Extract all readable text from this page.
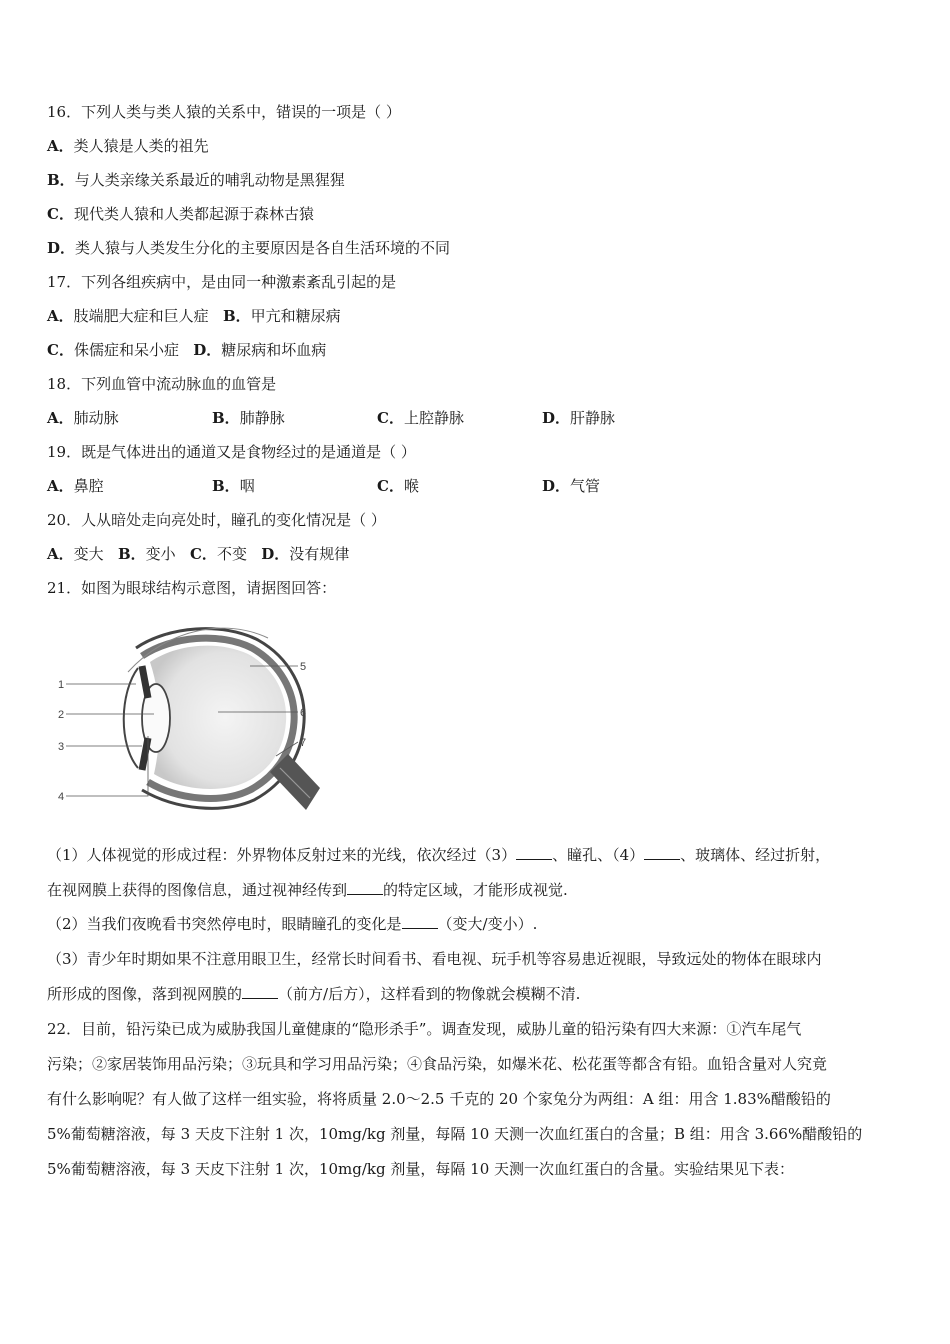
16．下列人类与类人猿的关系中，错误的一项是（ ）
A．类人猿是人类的祖先
B．与人类亲缘关系最近的哺乳动物是黑猩猩
C．现代类人猿和人类都起源于森林古猿
D．类人猿与人类发生分化的主要原因是各自生活环境的不同
17．下列各组疾病中，是由同一种激素紊乱引起的是
A．肢端肥大症和巨人症 B．甲亢和糖尿病
C．侏儒症和呆小症 D．糖尿病和坏血病
18．下列血管中流动脉血的血管是
A．肺动脉	B．肺静脉	C．上腔静脉	D．肝静脉
19．既是气体进出的通道又是食物经过的是通道是（ ）
A．鼻腔	B．咽	C．喉	D．气管
20．人从暗处走向亮处时，瞳孔的变化情况是（ ）
A．变大 B．变小 C．不变 D．没有规律
21．如图为眼球结构示意图，请据图回答：
1
2
3
4
5
6
7
（1）人体视觉的形成过程：外界物体反射过来的光线，依次经过（3） 、瞳孔、（4） 、玻璃体、经过折射，
在视网膜上获得的图像信息，通过视神经传到 的特定区域，才能形成视觉.
（2）当我们夜晚看书突然停电时，眼睛瞳孔的变化是 （变大/变小）.
（3）青少年时期如果不注意用眼卫生，经常长时间看书、看电视、玩手机等容易患近视眼，导致远处的物体在眼球内
所形成的图像，落到视网膜的 （前方/后方），这样看到的物像就会模糊不清.
22．目前，铅污染已成为威胁我国儿童健康的“隐形杀手”。调查发现，威胁儿童的铅污染有四大来源：①汽车尾气
污染；②家居装饰用品污染；③玩具和学习用品污染；④食品污染，如爆米花、松花蛋等都含有铅。血铅含量对人究竟
有什么影响呢？有人做了这样一组实验，将将质量 2.0～2.5 千克的 20 个家兔分为两组：A 组：用含 1.83%醋酸铅的
5%葡萄糖溶液，每 3 天皮下注射 1 次，10mg/kg 剂量，每隔 10 天测一次血红蛋白的含量；B 组：用含 3.66%醋酸铅的
5%葡萄糖溶液，每 3 天皮下注射 1 次，10mg/kg 剂量，每隔 10 天测一次血红蛋白的含量。实验结果见下表：
